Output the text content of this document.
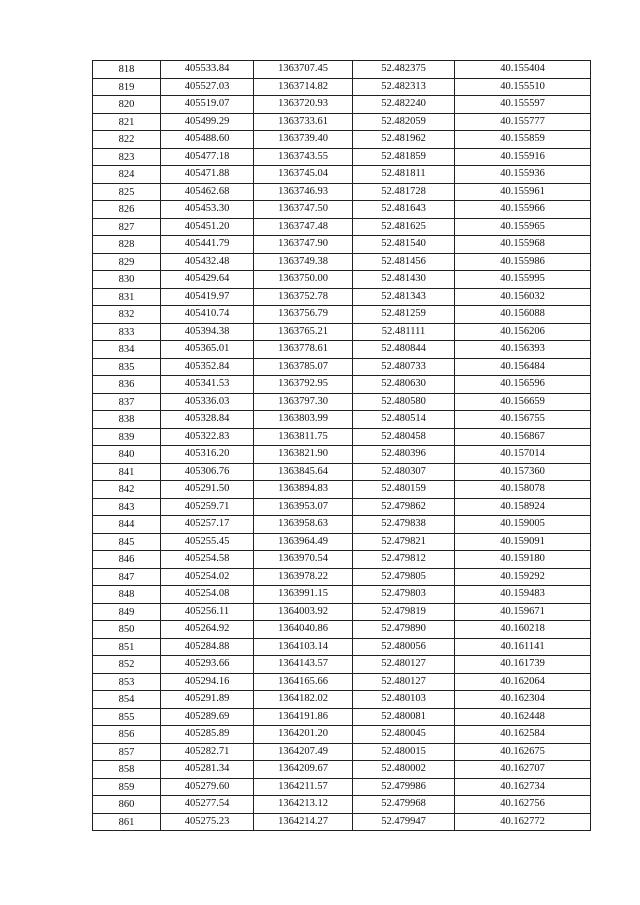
818	405533.84	1363707.45	52.482375	40.155404
819	405527.03	1363714.82	52.482313	40.155510
820	405519.07	1363720.93	52.482240	40.155597
821	405499.29	1363733.61	52.482059	40.155777
822	405488.60	1363739.40	52.481962	40.155859
823	405477.18	1363743.55	52.481859	40.155916
824	405471.88	1363745.04	52.481811	40.155936
825	405462.68	1363746.93	52.481728	40.155961
826	405453.30	1363747.50	52.481643	40.155966
827	405451.20	1363747.48	52.481625	40.155965
828	405441.79	1363747.90	52.481540	40.155968
829	405432.48	1363749.38	52.481456	40.155986
830	405429.64	1363750.00	52.481430	40.155995
831	405419.97	1363752.78	52.481343	40.156032
832	405410.74	1363756.79	52.481259	40.156088
833	405394.38	1363765.21	52.481111	40.156206
834	405365.01	1363778.61	52.480844	40.156393
835	405352.84	1363785.07	52.480733	40.156484
836	405341.53	1363792.95	52.480630	40.156596
837	405336.03	1363797.30	52.480580	40.156659
838	405328.84	1363803.99	52.480514	40.156755
839	405322.83	1363811.75	52.480458	40.156867
840	405316.20	1363821.90	52.480396	40.157014
841	405306.76	1363845.64	52.480307	40.157360
842	405291.50	1363894.83	52.480159	40.158078
843	405259.71	1363953.07	52.479862	40.158924
844	405257.17	1363958.63	52.479838	40.159005
845	405255.45	1363964.49	52.479821	40.159091
846	405254.58	1363970.54	52.479812	40.159180
847	405254.02	1363978.22	52.479805	40.159292
848	405254.08	1363991.15	52.479803	40.159483
849	405256.11	1364003.92	52.479819	40.159671
850	405264.92	1364040.86	52.479890	40.160218
851	405284.88	1364103.14	52.480056	40.161141
852	405293.66	1364143.57	52.480127	40.161739
853	405294.16	1364165.66	52.480127	40.162064
854	405291.89	1364182.02	52.480103	40.162304
855	405289.69	1364191.86	52.480081	40.162448
856	405285.89	1364201.20	52.480045	40.162584
857	405282.71	1364207.49	52.480015	40.162675
858	405281.34	1364209.67	52.480002	40.162707
859	405279.60	1364211.57	52.479986	40.162734
860	405277.54	1364213.12	52.479968	40.162756
861	405275.23	1364214.27	52.479947	40.162772
